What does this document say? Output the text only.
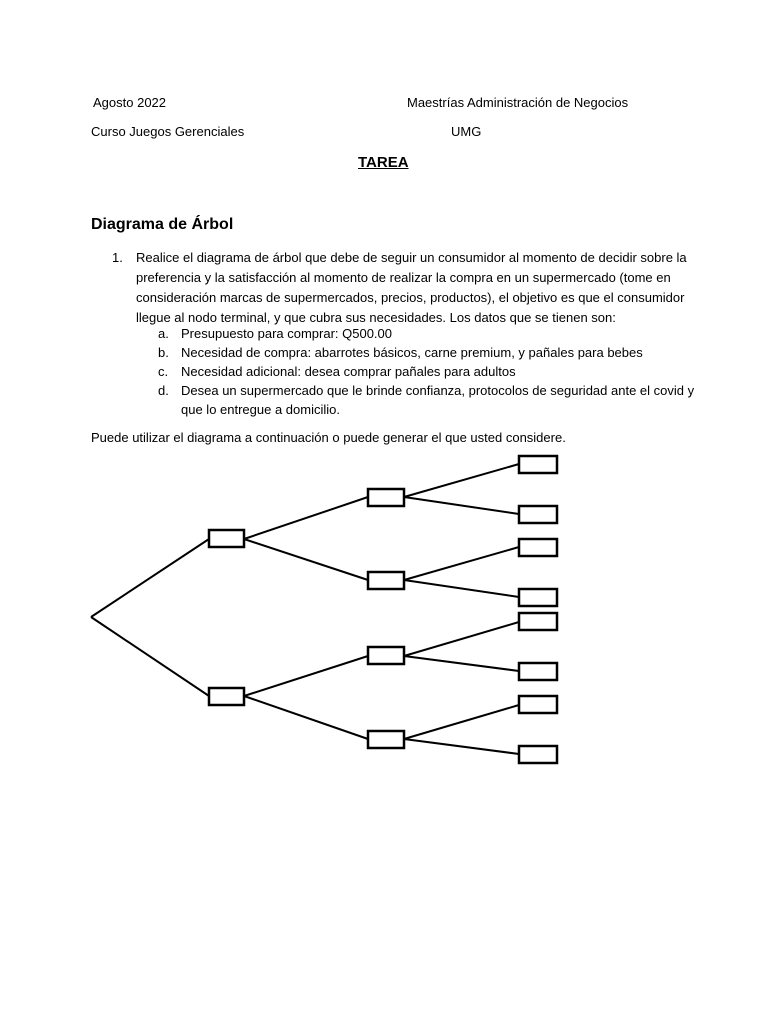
Agosto 2022	Maestrías Administración de Negocios
Curso Juegos Gerenciales	UMG
TAREA
Diagrama de Árbol
1. Realice el diagrama de árbol que debe de seguir un consumidor al momento de decidir sobre la
preferencia y la satisfacción al momento de realizar la compra en un supermercado (tome en
consideración marcas de supermercados, precios, productos), el objetivo es que el consumidor
llegue al nodo terminal, y que cubra sus necesidades. Los datos que se tienen son:
a. Presupuesto para comprar: Q500.00
b. Necesidad de compra: abarrotes básicos, carne premium, y pañales para bebes
c. Necesidad adicional: desea comprar pañales para adultos
d. Desea un supermercado que le brinde confianza, protocolos de seguridad ante el covid y
que lo entregue a domicilio.
Puede utilizar el diagrama a continuación o puede generar el que usted considere.
